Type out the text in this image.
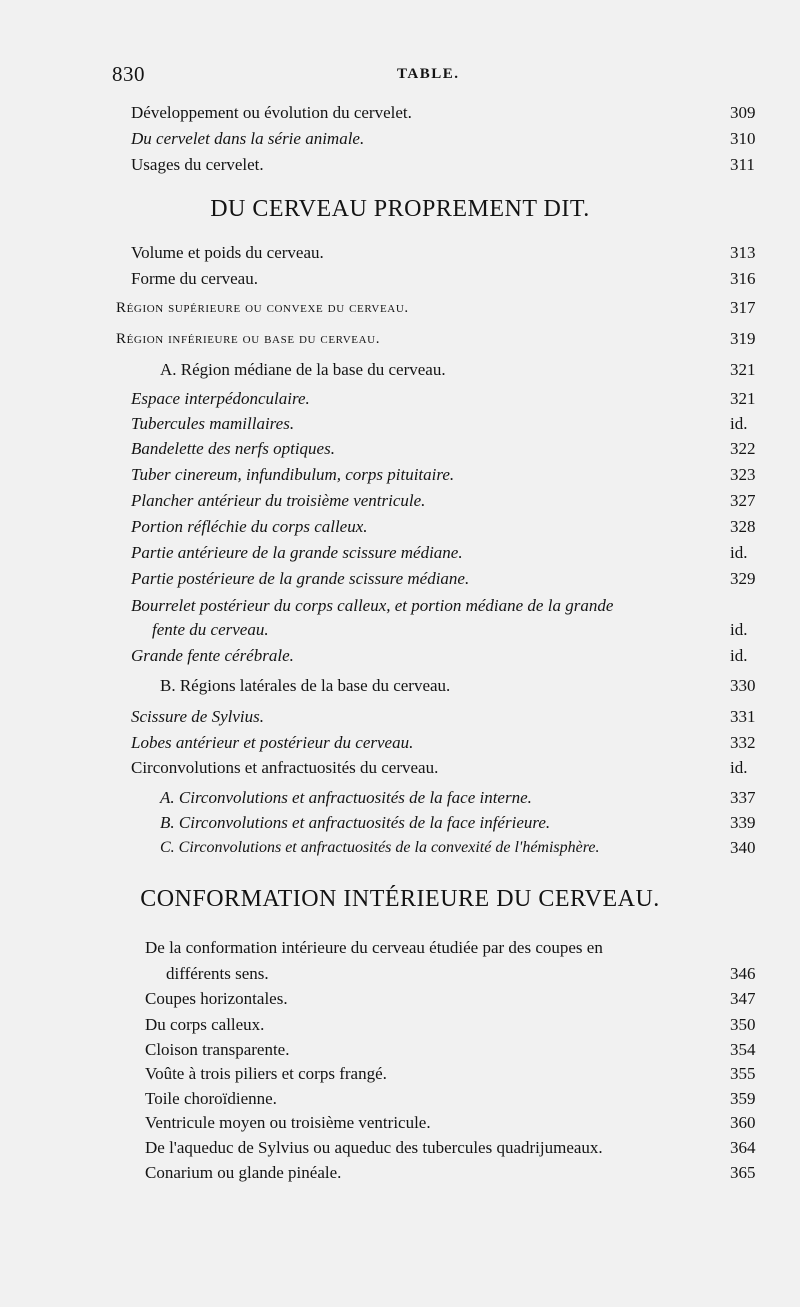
830	TABLE.
Développement ou évolution du cervelet.	309
Du cervelet dans la série animale.	310
Usages du cervelet.	311
DU CERVEAU PROPREMENT DIT.
Volume et poids du cerveau.	313
Forme du cerveau.	316
Région supérieure ou convexe du cerveau.	317
Région inférieure ou base du cerveau.	319
A. Région médiane de la base du cerveau.	321
Espace interpédonculaire.	321
Tubercules mamillaires.	id.
Bandelette des nerfs optiques.	322
Tuber cinereum, infundibulum, corps pituitaire.	323
Plancher antérieur du troisième ventricule.	327
Portion réfléchie du corps calleux.	328
Partie antérieure de la grande scissure médiane.	id.
Partie postérieure de la grande scissure médiane.	329
Bourrelet postérieur du corps calleux, et portion médiane de la grande
fente du cerveau.	id.
Grande fente cérébrale.	id.
B. Régions latérales de la base du cerveau.	330
Scissure de Sylvius.	331
Lobes antérieur et postérieur du cerveau.	332
Circonvolutions et anfractuosités du cerveau.	id.
A. Circonvolutions et anfractuosités de la face interne.	337
B. Circonvolutions et anfractuosités de la face inférieure.	339
C. Circonvolutions et anfractuosités de la convexité de l'hémisphère.	340
CONFORMATION INTÉRIEURE DU CERVEAU.
De la conformation intérieure du cerveau étudiée par des coupes en
différents sens.	346
Coupes horizontales.	347
Du corps calleux.	350
Cloison transparente.	354
Voûte à trois piliers et corps frangé.	355
Toile choroïdienne.	359
Ventricule moyen ou troisième ventricule.	360
De l'aqueduc de Sylvius ou aqueduc des tubercules quadrijumeaux.	364
Conarium ou glande pinéale.	365
